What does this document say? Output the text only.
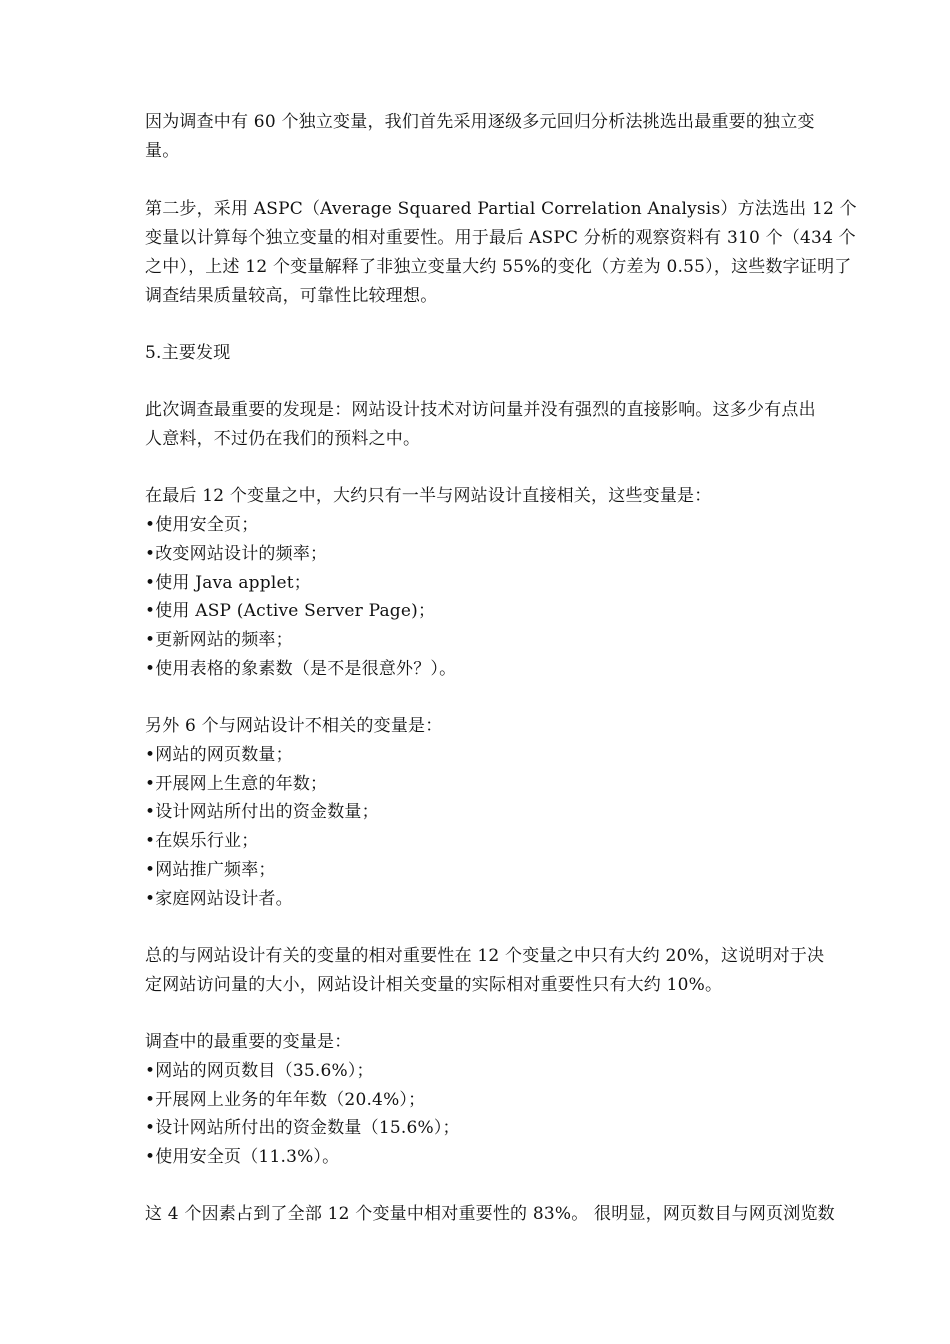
因为调查中有 60 个独立变量，我们首先采用逐级多元回归分析法挑选出最重要的独立变
量。
第二步，采用 ASPC（Average Squared Partial Correlation Analysis）方法选出 12 个
变量以计算每个独立变量的相对重要性。用于最后 ASPC 分析的观察资料有 310 个（434 个
之中），上述 12 个变量解释了非独立变量大约 55%的变化（方差为 0.55），这些数字证明了
调查结果质量较高，可靠性比较理想。
5.主要发现
此次调查最重要的发现是：网站设计技术对访问量并没有强烈的直接影响。这多少有点出
人意料，不过仍在我们的预料之中。
在最后 12 个变量之中，大约只有一半与网站设计直接相关，这些变量是：
•使用安全页；
•改变网站设计的频率；
•使用 Java applet；
•使用 ASP (Active Server Page)；
•更新网站的频率；
•使用表格的象素数（是不是很意外？）。
另外 6 个与网站设计不相关的变量是：
•网站的网页数量；
•开展网上生意的年数；
•设计网站所付出的资金数量；
•在娱乐行业；
•网站推广频率；
•家庭网站设计者。
总的与网站设计有关的变量的相对重要性在 12 个变量之中只有大约 20%，这说明对于决
定网站访问量的大小，网站设计相关变量的实际相对重要性只有大约 10%。
调查中的最重要的变量是：
•网站的网页数目（35.6%）；
•开展网上业务的年年数（20.4%）；
•设计网站所付出的资金数量（15.6%）；
•使用安全页（11.3%）。
这 4 个因素占到了全部 12 个变量中相对重要性的 83%。 很明显，网页数目与网页浏览数
